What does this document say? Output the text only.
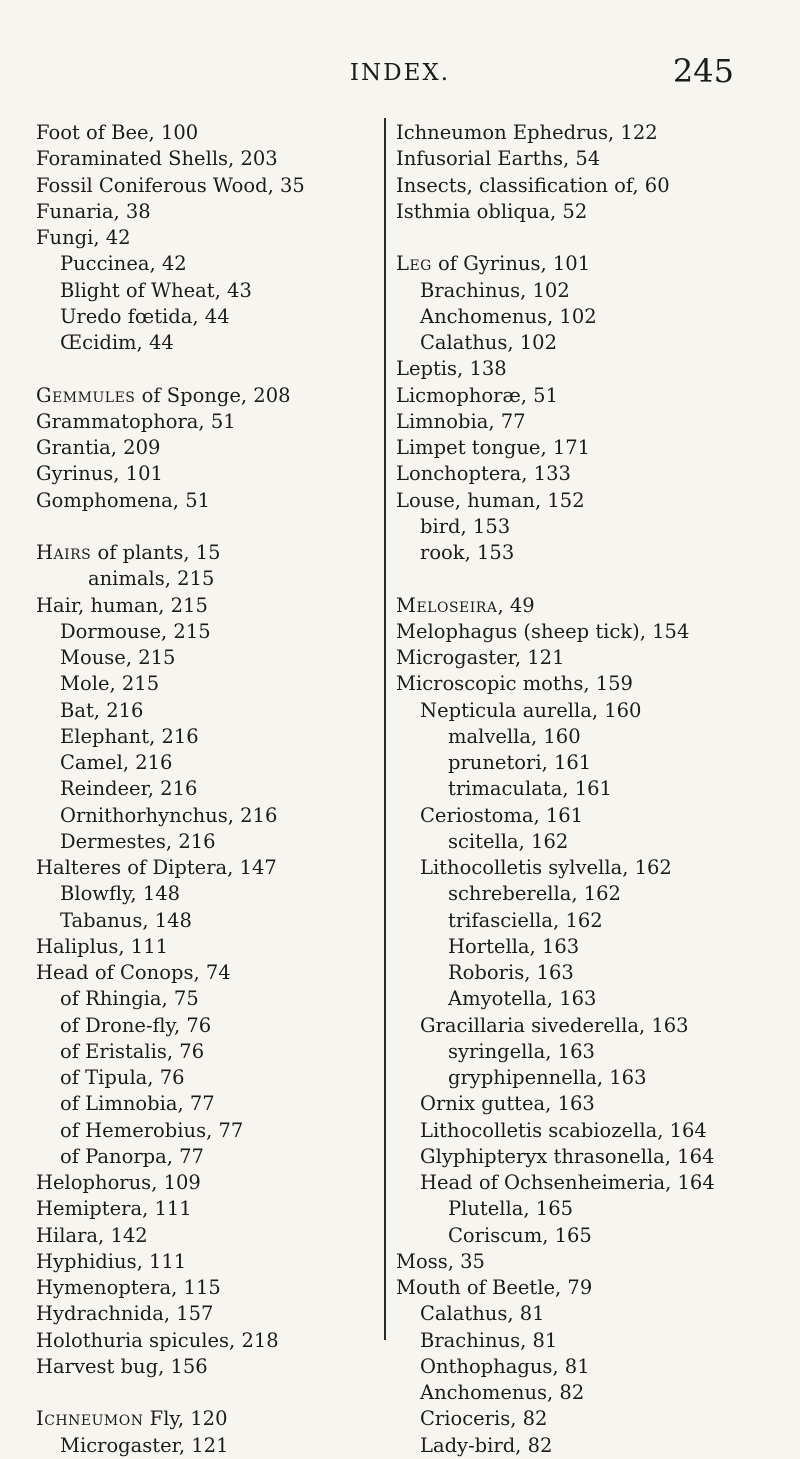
INDEX.	245
Foot of Bee, 100
Foraminated Shells, 203
Fossil Coniferous Wood, 35
Funaria, 38
Fungi, 42
Puccinea, 42
Blight of Wheat, 43
Uredo fœtida, 44
Œcidim, 44
Gemmules of Sponge, 208
Grammatophora, 51
Grantia, 209
Gyrinus, 101
Gomphomena, 51
Hairs of plants, 15
animals, 215
Hair, human, 215
Dormouse, 215
Mouse, 215
Mole, 215
Bat, 216
Elephant, 216
Camel, 216
Reindeer, 216
Ornithorhynchus, 216
Dermestes, 216
Halteres of Diptera, 147
Blowfly, 148
Tabanus, 148
Haliplus, 111
Head of Conops, 74
of Rhingia, 75
of Drone-fly, 76
of Eristalis, 76
of Tipula, 76
of Limnobia, 77
of Hemerobius, 77
of Panorpa, 77
Helophorus, 109
Hemiptera, 111
Hilara, 142
Hyphidius, 111
Hymenoptera, 115
Hydrachnida, 157
Holothuria spicules, 218
Harvest bug, 156
Ichneumon Fly, 120
Microgaster, 121
Ichneumon Ephedrus, 122
Infusorial Earths, 54
Insects, classification of, 60
Isthmia obliqua, 52
Leg of Gyrinus, 101
Brachinus, 102
Anchomenus, 102
Calathus, 102
Leptis, 138
Licmophoræ, 51
Limnobia, 77
Limpet tongue, 171
Lonchoptera, 133
Louse, human, 152
bird, 153
rook, 153
Meloseira, 49
Melophagus (sheep tick), 154
Microgaster, 121
Microscopic moths, 159
Nepticula aurella, 160
malvella, 160
prunetori, 161
trimaculata, 161
Ceriostoma, 161
scitella, 162
Lithocolletis sylvella, 162
schreberella, 162
trifasciella, 162
Hortella, 163
Roboris, 163
Amyotella, 163
Gracillaria sivederella, 163
syringella, 163
gryphipennella, 163
Ornix guttea, 163
Lithocolletis scabiozella, 164
Glyphipteryx thrasonella, 164
Head of Ochsenheimeria, 164
Plutella, 165
Coriscum, 165
Moss, 35
Mouth of Beetle, 79
Calathus, 81
Brachinus, 81
Onthophagus, 81
Anchomenus, 82
Crioceris, 82
Lady-bird, 82
